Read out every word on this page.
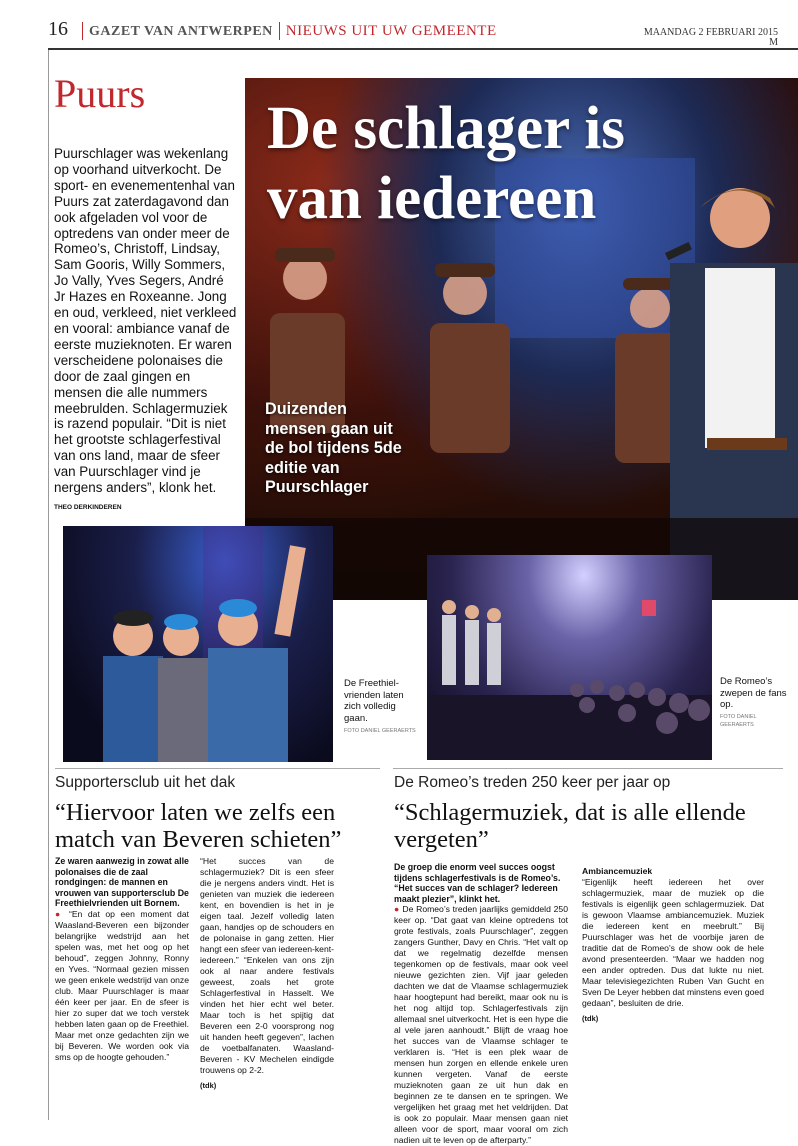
16 GAZET VAN ANTWERPEN NIEUWS UIT UW GEMEENTE	MAANDAG 2 FEBRUARI 2015
M
Puurs
Puurschlager was wekenlang op voorhand uitverkocht. De sport- en evenementenhal van Puurs zat zaterdagavond dan ook afgeladen vol voor de optredens van onder meer de Romeo’s, Christoff, Lindsay, Sam Gooris, Willy Sommers, Jo Vally, Yves Segers, André Jr Hazes en Roxeanne. Jong en oud, verkleed, niet verkleed en vooral: ambiance vanaf de eerste muzieknoten. Er waren verscheidene polonaises die door de zaal gingen en mensen die alle nummers meebrulden. Schlagermuziek is razend populair. “Dit is niet het grootste schlagerfestival van ons land, maar de sfeer van Puurschlager vind je nergens anders”, klonk het.
THEO DERKINDEREN
De schlager is
van iedereen
Duizenden mensen gaan uit de bol tijdens 5de editie van Puurschlager
De Freethiel-vrienden laten zich volledig gaan.
FOTO DANIEL GEERAERTS
De Romeo’s zwepen de fans op.
FOTO DANIEL GEERAERTS
Supportersclub uit het dak
“Hiervoor laten we zelfs een match van Beveren schieten”

Ze waren aanwezig in zowat alle polonaises die de zaal rondgingen: de mannen en vrouwen van supportersclub De Freethielvrienden uit Bornem.

● “En dat op een moment dat Waasland-Beveren een bijzonder belangrijke wedstrijd aan het spelen was, met het oog op het behoud”, zeggen Johnny, Ronny en Yves. “Normaal gezien missen we geen enkele wedstrijd van onze club. Maar Puurschlager is maar één keer per jaar. En de sfeer is hier zo super dat we toch verstek hebben laten gaan op de Freethiel. Maar met onze gedachten zijn we bij Beveren. We worden ook via sms op de hoogte gehouden.”

“Het succes van de schlagermuziek? Dit is een sfeer die je nergens anders vindt. Het is genieten van muziek die iedereen kent, en bovendien is het in je eigen taal. Jezelf volledig laten gaan, handjes op de schouders en de polonaise in gang zetten. Hier hangt een sfeer van iedereen-kent-iedereen.” “Enkelen van ons zijn ook al naar andere festivals geweest, zoals het grote Schlagerfestival in Hasselt. We vinden het hier echt wel beter. Maar toch is het spijtig dat Beveren een 2-0 voorsprong nog uit handen heeft gegeven”, lachen de voetbalfanaten. Waasland-Beveren - KV Mechelen eindigde trouwens op 2-2.

(tdk)

De Romeo’s treden 250 keer per jaar op
“Schlagermuziek, dat is alle ellende vergeten”

De groep die enorm veel succes oogst tijdens schlagerfestivals is de Romeo’s. “Het succes van de schlager? Iedereen maakt plezier”, klinkt het.

● De Romeo’s treden jaarlijks gemiddeld 250 keer op. “Dat gaat van kleine optredens tot grote festivals, zoals Puurschlager”, zeggen zangers Gunther, Davy en Chris. “Het valt op dat we regelmatig dezelfde mensen tegenkomen op de festivals, maar ook veel nieuwe gezichten zien. Vijf jaar geleden dachten we dat de Vlaamse schlagermuziek haar hoogtepunt had bereikt, maar ook nu is het nog altijd top. Schlagerfestivals zijn allemaal snel uitverkocht. Het is een hype die al vele jaren aanhoudt.” Blijft de vraag hoe het succes van de Vlaamse schlager te verklaren is. “Het is een plek waar de mensen hun zorgen en ellende enkele uren kunnen vergeten. Vanaf de eerste muzieknoten gaan ze uit hun dak en beginnen ze te dansen en te springen. We vergelijken het graag met het veldrijden. Dat is ook zo populair. Maar mensen gaan niet alleen voor de sport, maar vooral om zich nadien uit te leven op de afterparty.”

Ambiancemuziek

“Eigenlijk heeft iedereen het over schlagermuziek, maar de muziek op die festivals is eigenlijk geen schlagermuziek. Dat is gewoon Vlaamse ambiancemuziek. Muziek die iedereen kent en meebrult.” Bij Puurschlager was het de voorbije jaren de traditie dat de Romeo’s de show ook de hele avond presenteerden. “Maar we hadden nog een ander optreden. Dus dat lukte nu niet. Maar televisiegezichten Ruben Van Gucht en Sven De Leyer hebben dat minstens even goed gedaan”, besluiten de drie.

(tdk)
